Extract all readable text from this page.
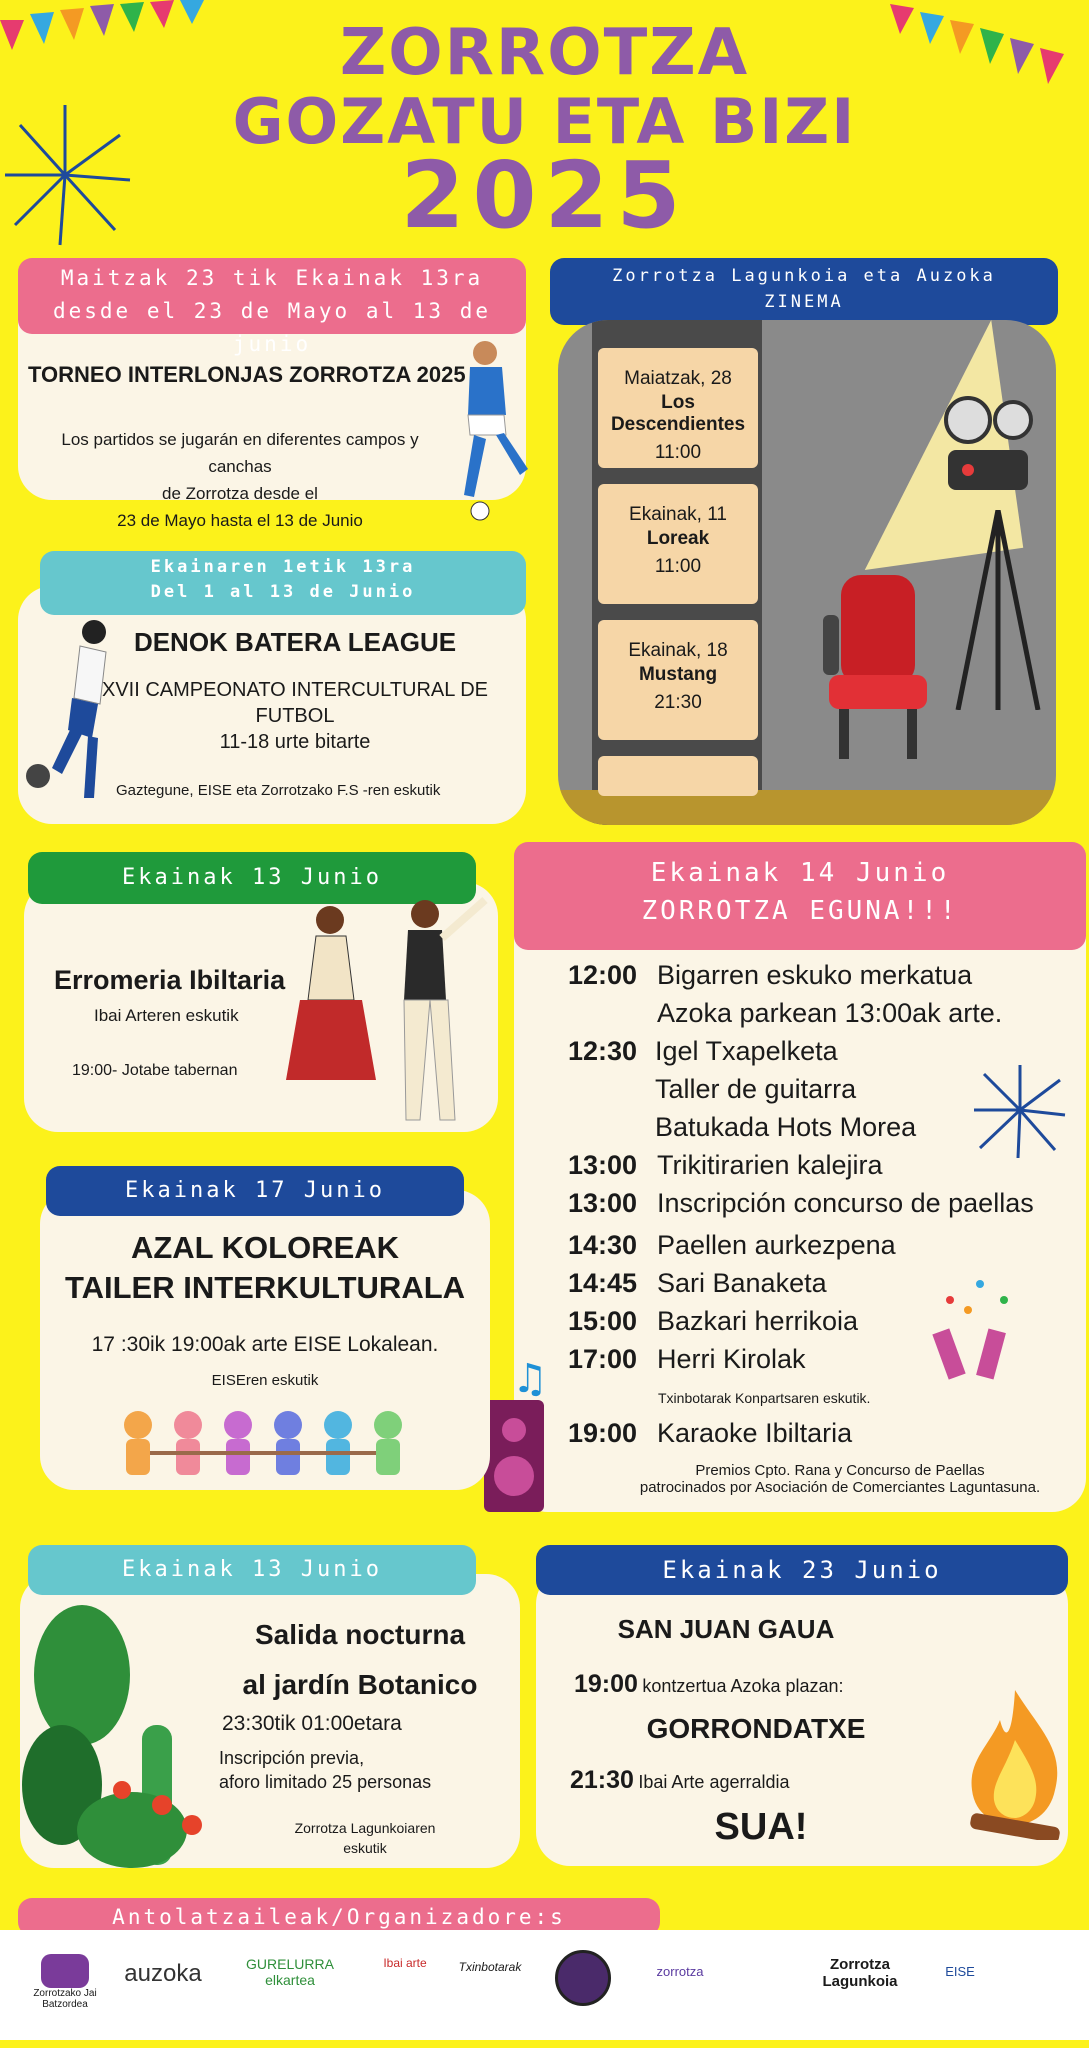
ZORROTZA
GOZATU ETA BIZI
2025
Maitzak 23 tik Ekainak 13ra
desde el 23 de Mayo al 13 de junio
TORNEO INTERLONJAS ZORROTZA 2025
Los partidos se jugarán en diferentes campos y canchas
de Zorrotza desde el
23 de Mayo hasta el 13 de Junio
Zorrotza Lagunkoia eta Auzoka
ZINEMA
Maiatzak, 28
Los Descendientes
11:00
Ekainak, 11
Loreak
11:00
Ekainak, 18
Mustang
21:30
Ekainaren 1etik 13ra
Del 1 al 13 de Junio
DENOK BATERA LEAGUE
XVII CAMPEONATO INTERCULTURAL DE FUTBOL
11-18 urte bitarte
Gaztegune, EISE eta Zorrotzako F.S -ren eskutik
Ekainak 13 Junio
Erromeria Ibiltaria
Ibai Arteren eskutik
19:00- Jotabe tabernan
Ekainak 14 Junio
ZORROTZA EGUNA!!!
12:00 Bigarren eskuko merkatua
Azoka parkean 13:00ak arte.
12:30 Igel Txapelketa
Taller de guitarra
Batukada Hots Morea
13:00 Trikitirarien kalejira
13:00 Inscripción concurso de paellas
14:30 Paellen aurkezpena
14:45 Sari Banaketa
15:00 Bazkari herrikoia
17:00 Herri Kirolak
Txinbotarak Konpartsaren eskutik.
19:00 Karaoke Ibiltaria
Premios Cpto. Rana y Concurso de Paellas
patrocinados por Asociación de Comerciantes Laguntasuna.
♫
Ekainak 17 Junio
AZAL KOLOREAK
TAILER INTERKULTURALA
17 :30ik 19:00ak arte EISE Lokalean.
EISEren eskutik
Ekainak 13 Junio
Salida nocturna
al jardín Botanico
23:30tik 01:00etara
Inscripción previa,
aforo limitado 25 personas
Zorrotza Lagunkoiaren
eskutik
Ekainak 23 Junio
SAN JUAN GAUA
19:00 kontzertua Azoka plazan:
GORRONDATXE
21:30 Ibai Arte agerraldia
SUA!
Antolatzaileak/Organizadore:s
Zorrotzako Jai Batzordea
auzoka	GURELURRA elkartea
Ibai arte	Txinbotarak	zorrotza	Zorrotza Lagunkoia
EISE
